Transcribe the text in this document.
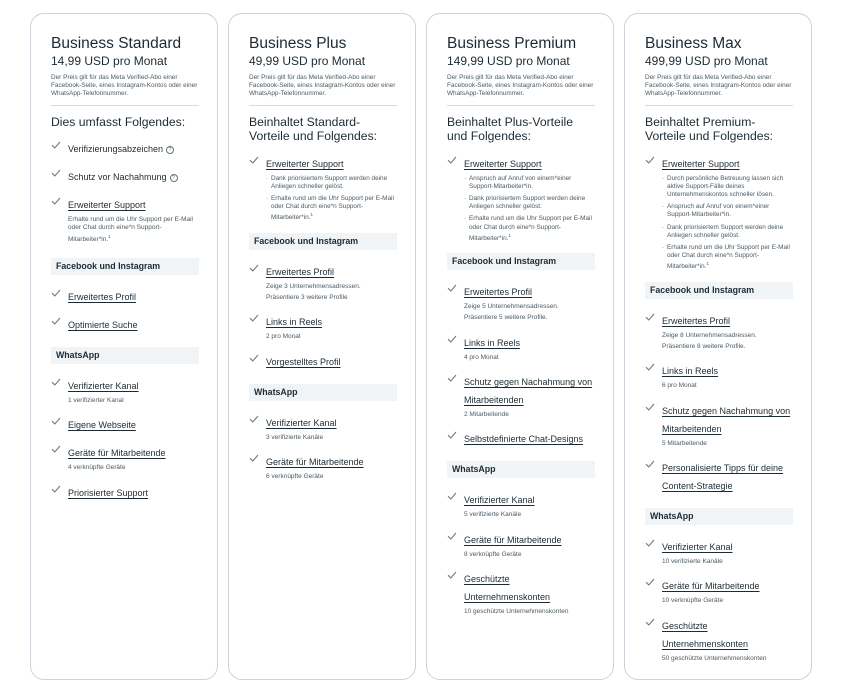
Business Standard
14,99 USD pro Monat
Der Preis gilt für das Meta Verified-Abo einer Facebook-Seite, eines Instagram-Kontos oder einer WhatsApp-Telefonnummer.
Dies umfasst Folgendes:
Verifizierungsabzeichen ?
Schutz vor Nachahmung ?
Erweiterter Support
Erhalte rund um die Uhr Support per E-Mail oder Chat durch eine*n Support-Mitarbeiter*in.$^1$
Facebook und Instagram
Erweitertes Profil
Optimierte Suche
WhatsApp
Verifizierter Kanal
1 verifizierter Kanal
Eigene Webseite
Geräte für Mitarbeitende
4 verknüpfte Geräte
Priorisierter Support
Business Plus
49,99 USD pro Monat
Der Preis gilt für das Meta Verified-Abo einer Facebook-Seite, eines Instagram-Kontos oder einer WhatsApp-Telefonnummer.
Beinhaltet Standard-Vorteile und Folgendes:
Erweiterter Support
· Dank priorisiertem Support werden deine Anliegen schneller gelöst.
· Erhalte rund um die Uhr Support per E-Mail oder Chat durch eine*n Support-Mitarbeiter*in.$^1$
Facebook und Instagram
Erweitertes Profil
Zeige 3 Unternehmensadressen.
Präsentiere 3 weitere Profile
Links in Reels
2 pro Monat
Vorgestelltes Profil
WhatsApp
Verifizierter Kanal
3 verifizierte Kanäle
Geräte für Mitarbeitende
6 verknüpfte Geräte
Business Premium
149,99 USD pro Monat
Der Preis gilt für das Meta Verified-Abo einer Facebook-Seite, eines Instagram-Kontos oder einer WhatsApp-Telefonnummer.
Beinhaltet Plus-Vorteile und Folgendes:
Erweiterter Support
· Anspruch auf Anruf von einem*einer Support-Mitarbeiter*in.
· Dank priorisiertem Support werden deine Anliegen schneller gelöst.
· Erhalte rund um die Uhr Support per E-Mail oder Chat durch eine*n Support-Mitarbeiter*in.$^1$
Facebook und Instagram
Erweitertes Profil
Zeige 5 Unternehmensadressen.
Präsentiere 5 weitere Profile.
Links in Reels
4 pro Monat
Schutz gegen Nachahmung von Mitarbeitenden
2 Mitarbeitende
Selbstdefinierte Chat-Designs
WhatsApp
Verifizierter Kanal
5 verifizierte Kanäle
Geräte für Mitarbeitende
8 verknüpfte Geräte
Geschützte Unternehmenskonten
10 geschützte Unternehmenskonten
Business Max
499,99 USD pro Monat
Der Preis gilt für das Meta Verified-Abo einer Facebook-Seite, eines Instagram-Kontos oder einer WhatsApp-Telefonnummer.
Beinhaltet Premium-Vorteile und Folgendes:
Erweiterter Support
· Durch persönliche Betreuung lassen sich aktive Support-Fälle deines Unternehmenskontos schneller lösen.
· Anspruch auf Anruf von einem*einer Support-Mitarbeiter*in.
· Dank priorisiertem Support werden deine Anliegen schneller gelöst.
· Erhalte rund um die Uhr Support per E-Mail oder Chat durch eine*n Support-Mitarbeiter*in.$^1$
Facebook und Instagram
Erweitertes Profil
Zeige 8 Unternehmensadressen.
Präsentiere 8 weitere Profile.
Links in Reels
6 pro Monat
Schutz gegen Nachahmung von Mitarbeitenden
5 Mitarbeitende
Personalisierte Tipps für deine Content-Strategie
WhatsApp
Verifizierter Kanal
10 verifizierte Kanäle
Geräte für Mitarbeitende
10 verknüpfte Geräte
Geschützte Unternehmenskonten
50 geschützte Unternehmenskonten
